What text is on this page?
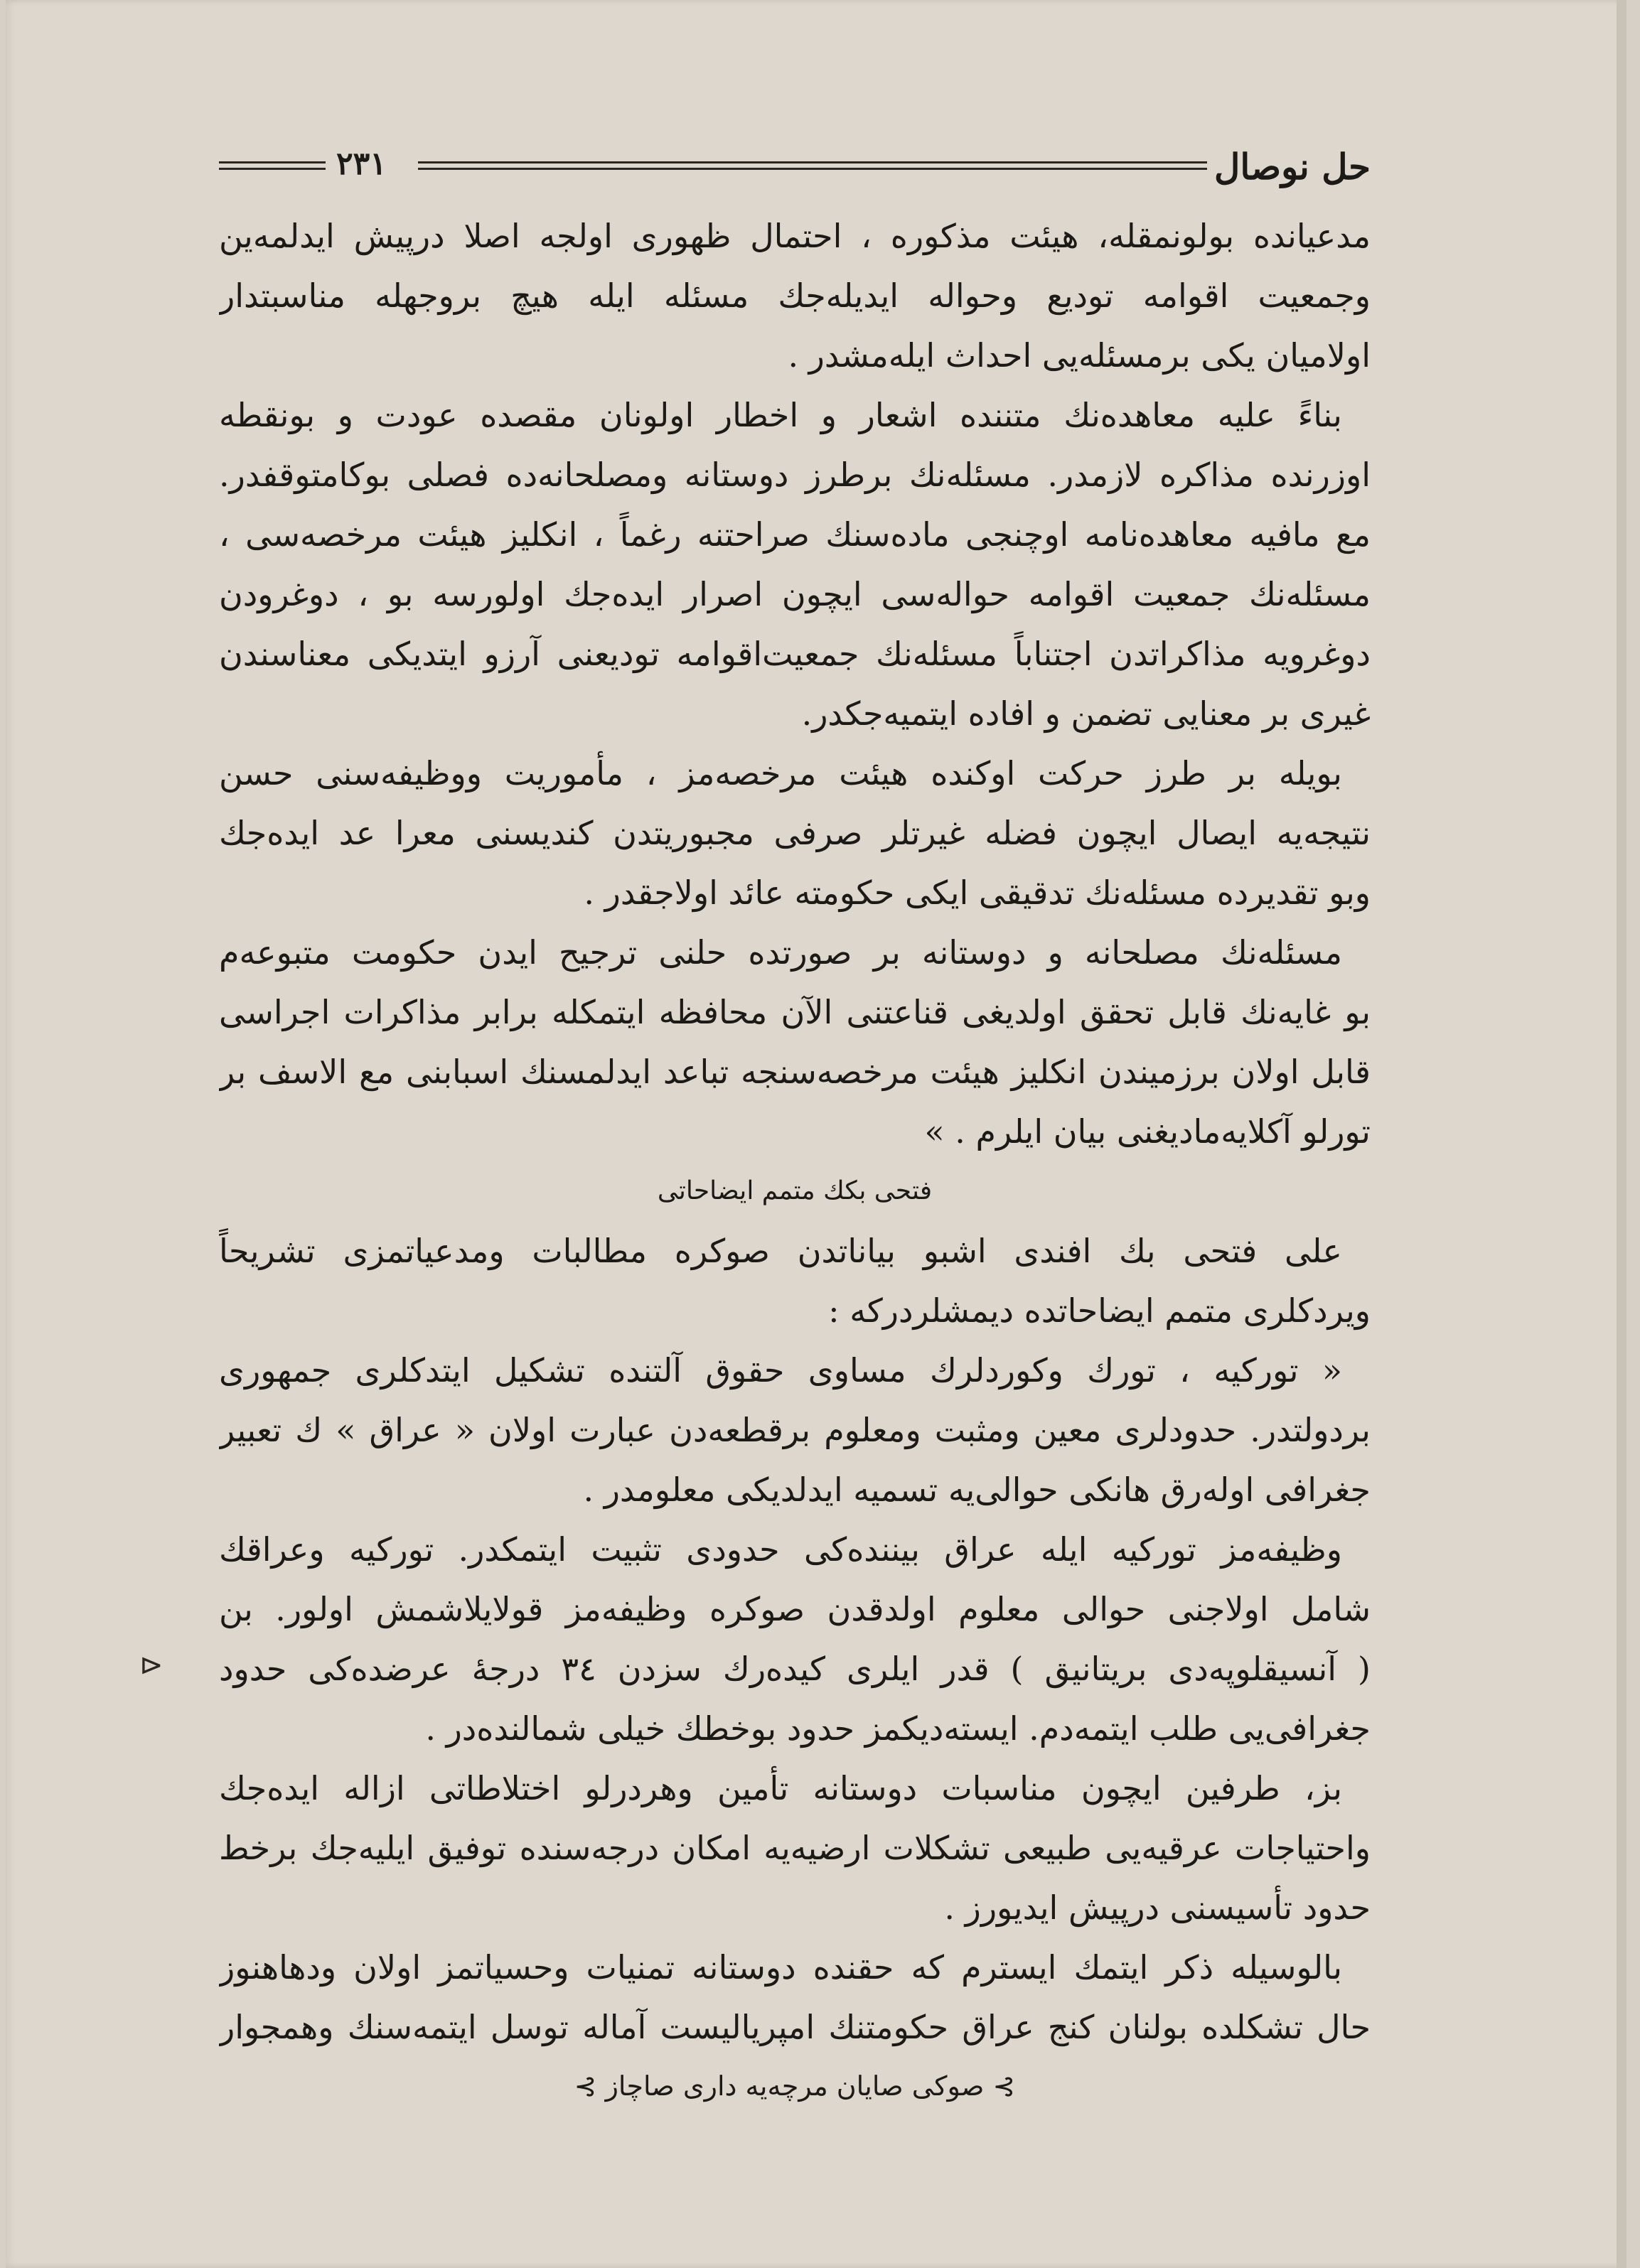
حل نوصال
٢٣١
مدعیانده بولونمقله، هیئت مذکوره ، احتمال ظهوری اولجه اصلا درپیش ایدلمه‌ین
وجمعیت اقوامه تودیع وحواله ایدیله‌جك مسئله ایله هیچ بروجهله مناسبتدار
اولامیان یکی برمسئله‌یی احداث ایله‌مشدر .
بناءً علیه معاهده‌نك متننده اشعار و اخطار اولونان مقصده عودت و بونقطه
اوزرنده مذاکره لازمدر. مسئله‌نك برطرز دوستانه ومصلحانه‌ده فصلی بوکامتوقفدر.
مع مافیه معاهده‌نامه اوچنجی ماده‌سنك صراحتنه رغماً ، انکلیز هیئت مرخصه‌سی ،
مسئله‌نك جمعیت اقوامه حواله‌سی ایچون اصرار ایده‌جك اولورسه بو ، دوغرودن
دوغرویه مذاکراتدن اجتناباً مسئله‌نك جمعیت‌اقوامه تودیعنی آرزو ایتدیکی معناسندن
غیری بر معنایی تضمن و افاده ایتمیه‌جکدر.
بویله بر طرز حرکت اوکنده هیئت مرخصه‌مز ، مأموریت ووظیفه‌سنی حسن
نتیجه‌یه ایصال ایچون فضله غیرتلر صرفی مجبوریتدن کندیسنی معرا عد ایده‌جك
وبو تقدیرده مسئله‌نك تدقیقی ایکی حکومته عائد اولاجقدر .
مسئله‌نك مصلحانه و دوستانه بر صورتده حلنی ترجیح ایدن حکومت متبوعه‌م
بو غایه‌نك قابل تحقق اولدیغی قناعتنی الآن محافظه ایتمکله برابر مذاکرات اجراسی
قابل اولان برزمیندن انکلیز هیئت مرخصه‌سنجه تباعد ایدلمسنك اسبابنی مع الاسف بر
تورلو آکلایه‌مادیغنی بیان ایلرم . »
فتحی بکك متمم ایضاحاتی
علی فتحی بك افندی اشبو بیاناتدن صوکره مطالبات ومدعیاتمزی تشریحاً
ویردکلری متمم ایضاحاتده دیمشلردرکه :
« تورکیه ، تورك وکوردلرك مساوی حقوق آلتنده تشکیل ایتدکلری جمهوری
بردولتدر. حدودلری معین ومثبت ومعلوم برقطعه‌دن عبارت اولان « عراق » ك تعبیر
جغرافی اوله‌رق هانکی حوالی‌یه تسمیه ایدلدیکی معلومدر .
وظیفه‌مز تورکیه ایله عراق بیننده‌کی حدودی تثبیت ایتمکدر. تورکیه وعراقك
شامل اولاجنی حوالی معلوم اولدقدن صوکره وظیفه‌مز قولایلاشمش اولور. بن
( آنسیقلوپه‌دی بریتانیق ) قدر ایلری کیده‌رك سزدن ٣٤ درجهٔ عرضده‌کی حدود
جغرافی‌یی طلب ایتمه‌دم. ایسته‌دیکمز حدود بوخطك خیلی شمالنده‌در .
بز، طرفین ایچون مناسبات دوستانه تأمین وهردرلو اختلاطاتی ازاله ایده‌جك
واحتیاجات عرقیه‌یی طبیعی تشکلات ارضیه‌یه امکان درجه‌سنده توفیق ایلیه‌جك برخط
حدود تأسیسنی درپیش ایدیورز .
بالوسیله ذکر ایتمك ایسترم که حقنده دوستانه تمنیات وحسیاتمز اولان ودهاهنوز
حال تشکلده بولنان کنج عراق حکومتنك امپریالیست آماله توسل ایتمه‌سنك وهمجوار
⊱ صوکی صایان مرچه‌یه داری صاچاز ⊱
⊳
